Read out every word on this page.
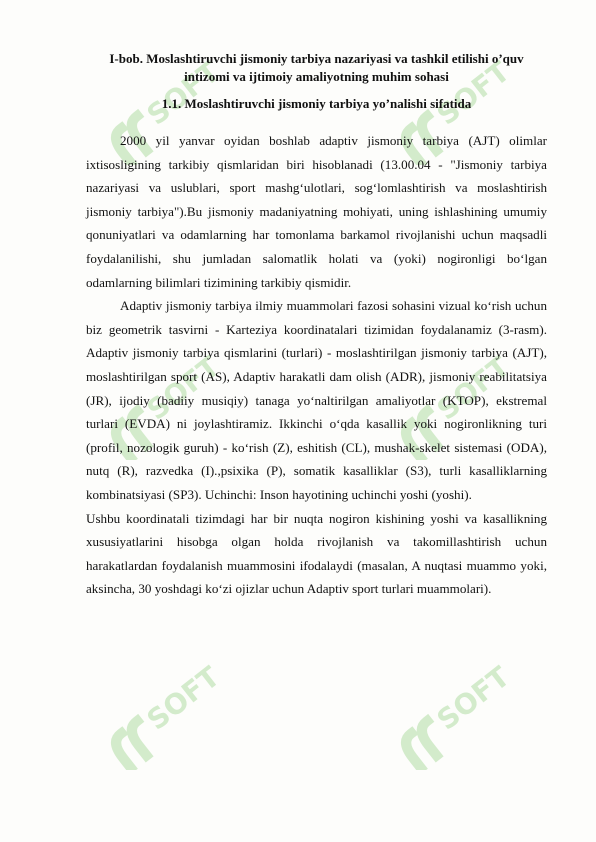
SOFT	SOFT
SOFT	SOFT
SOFT	SOFT
I-bob. Moslashtiruvchi jismoniy tarbiya nazariyasi va tashkil etilishi o’quv intizomi va ijtimoiy amaliyotning muhim sohasi
1.1. Moslashtiruvchi jismoniy tarbiya yo’nalishi sifatida

2000 yil yanvar oyidan boshlab adaptiv jismoniy tarbiya (AJT) olimlar ixtisosligining tarkibiy qismlaridan biri hisoblanadi (13.00.04 - "Jismoniy tarbiya nazariyasi va uslublari, sport mashg‘ulotlari, sog‘lomlashtirish va moslashtirish jismoniy tarbiya").Bu jismoniy madaniyatning mohiyati, uning ishlashining umumiy qonuniyatlari va odamlarning har tomonlama barkamol rivojlanishi uchun maqsadli foydalanilishi, shu jumladan salomatlik holati va (yoki) nogironligi bo‘lgan odamlarning bilimlari tizimining tarkibiy qismidir.

Adaptiv jismoniy tarbiya ilmiy muammolari fazosi sohasini vizual ko‘rish uchun biz geometrik tasvirni - Karteziya koordinatalari tizimidan foydalanamiz (3-rasm). Adaptiv jismoniy tarbiya qismlarini (turlari) - moslashtirilgan jismoniy tarbiya (AJT), moslashtirilgan sport (AS), Adaptiv harakatli dam olish (ADR), jismoniy reabilitatsiya (JR), ijodiy (badiiy musiqiy) tanaga yo‘naltirilgan amaliyotlar (KTOP), ekstremal turlari (EVDA) ni joylashtiramiz. Ikkinchi o‘qda kasallik yoki nogironlikning turi (profil, nozologik guruh) - ko‘rish (Z), eshitish (CL), mushak-skelet sistemasi (ODA), nutq (R), razvedka (I).,psixika (P), somatik kasalliklar (S3), turli kasalliklarning kombinatsiyasi (SP3). Uchinchi: Inson hayotining uchinchi yoshi (yoshi).

Ushbu koordinatali tizimdagi har bir nuqta nogiron kishining yoshi va kasallikning xususiyatlarini hisobga olgan holda rivojlanish va takomillashtirish uchun harakatlardan foydalanish muammosini ifodalaydi (masalan, A nuqtasi muammo yoki, aksincha, 30 yoshdagi ko‘zi ojizlar uchun Adaptiv sport turlari muammolari).
